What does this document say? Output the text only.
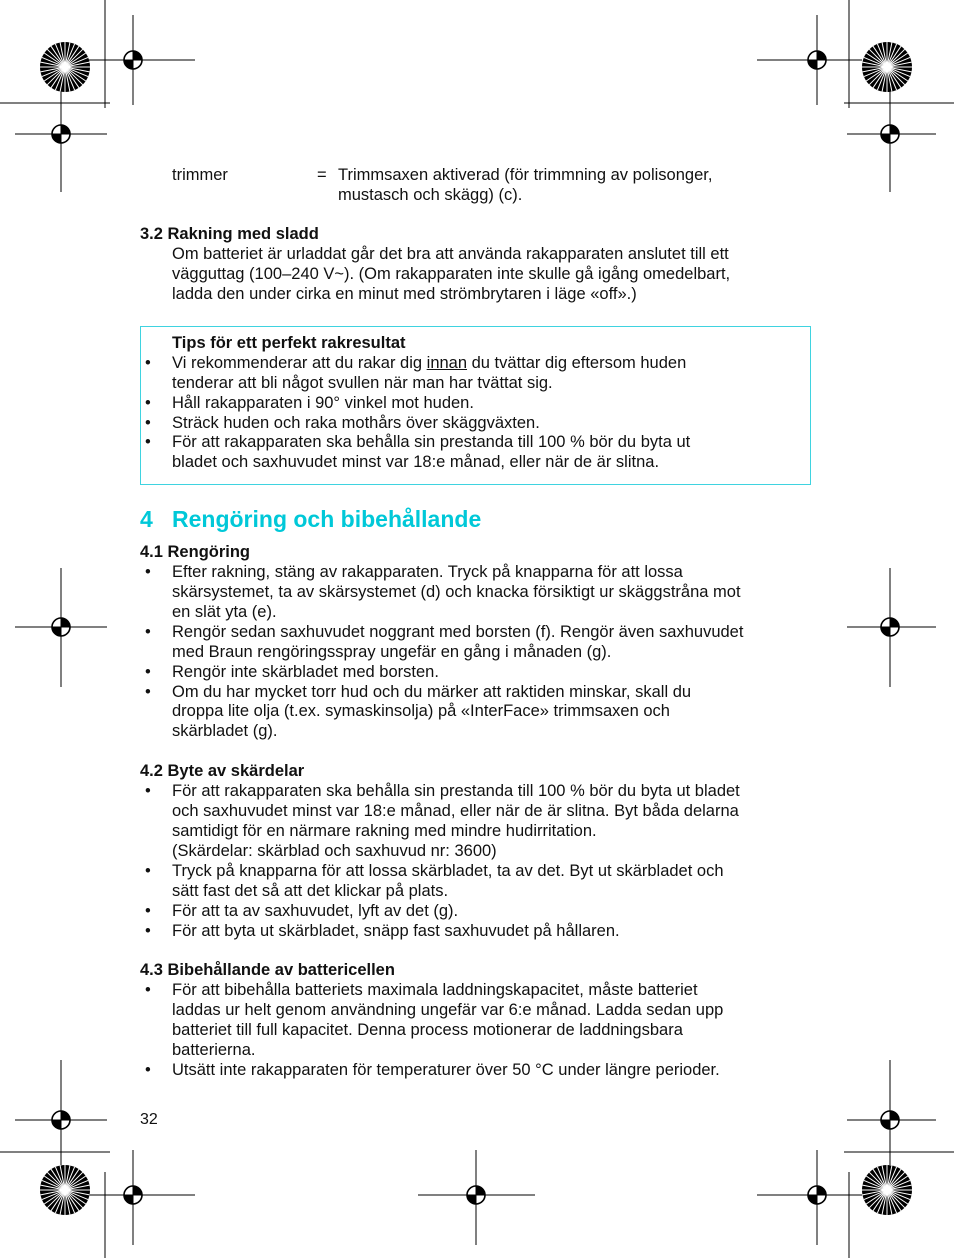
trimmer	= Trimmsaxen aktiverad (för trimmning av polisonger,
mustasch och skägg) (c).
3.2 Rakning med sladd
Om batteriet är urladdat går det bra att använda rakapparaten anslutet till ett
vägguttag (100–240 V~). (Om rakapparaten inte skulle gå igång omedelbart,
ladda den under cirka en minut med strömbrytaren i läge «off».)
Tips för ett perfekt rakresultat
• Vi rekommenderar att du rakar dig innan du tvättar dig eftersom huden
tenderar att bli något svullen när man har tvättat sig.
• Håll rakapparaten i 90° vinkel mot huden.
• Sträck huden och raka mothårs över skäggväxten.
• För att rakapparaten ska behålla sin prestanda till 100 % bör du byta ut
bladet och saxhuvudet minst var 18:e månad, eller när de är slitna.
4 Rengöring och bibehållande
4.1 Rengöring
• Efter rakning, stäng av rakapparaten. Tryck på knapparna för att lossa
skärsystemet, ta av skärsystemet (d) och knacka försiktigt ur skäggstråna mot
en slät yta (e).
• Rengör sedan saxhuvudet noggrant med borsten (f). Rengör även saxhuvudet
med Braun rengöringsspray ungefär en gång i månaden (g).
• Rengör inte skärbladet med borsten.
• Om du har mycket torr hud och du märker att raktiden minskar, skall du
droppa lite olja (t.ex. symaskinsolja) på «InterFace» trimmsaxen och
skärbladet (g).
4.2 Byte av skärdelar
• För att rakapparaten ska behålla sin prestanda till 100 % bör du byta ut bladet
och saxhuvudet minst var 18:e månad, eller när de är slitna. Byt båda delarna
samtidigt för en närmare rakning med mindre hudirritation.
(Skärdelar: skärblad och saxhuvud nr: 3600)
• Tryck på knapparna för att lossa skärbladet, ta av det. Byt ut skärbladet och
sätt fast det så att det klickar på plats.
• För att ta av saxhuvudet, lyft av det (g).
• För att byta ut skärbladet, snäpp fast saxhuvudet på hållaren.
4.3 Bibehållande av battericellen
• För att bibehålla batteriets maximala laddningskapacitet, måste batteriet
laddas ur helt genom användning ungefär var 6:e månad. Ladda sedan upp
batteriet till full kapacitet. Denna process motionerar de laddningsbara
batterierna.
• Utsätt inte rakapparaten för temperaturer över 50 °C under längre perioder.
32
